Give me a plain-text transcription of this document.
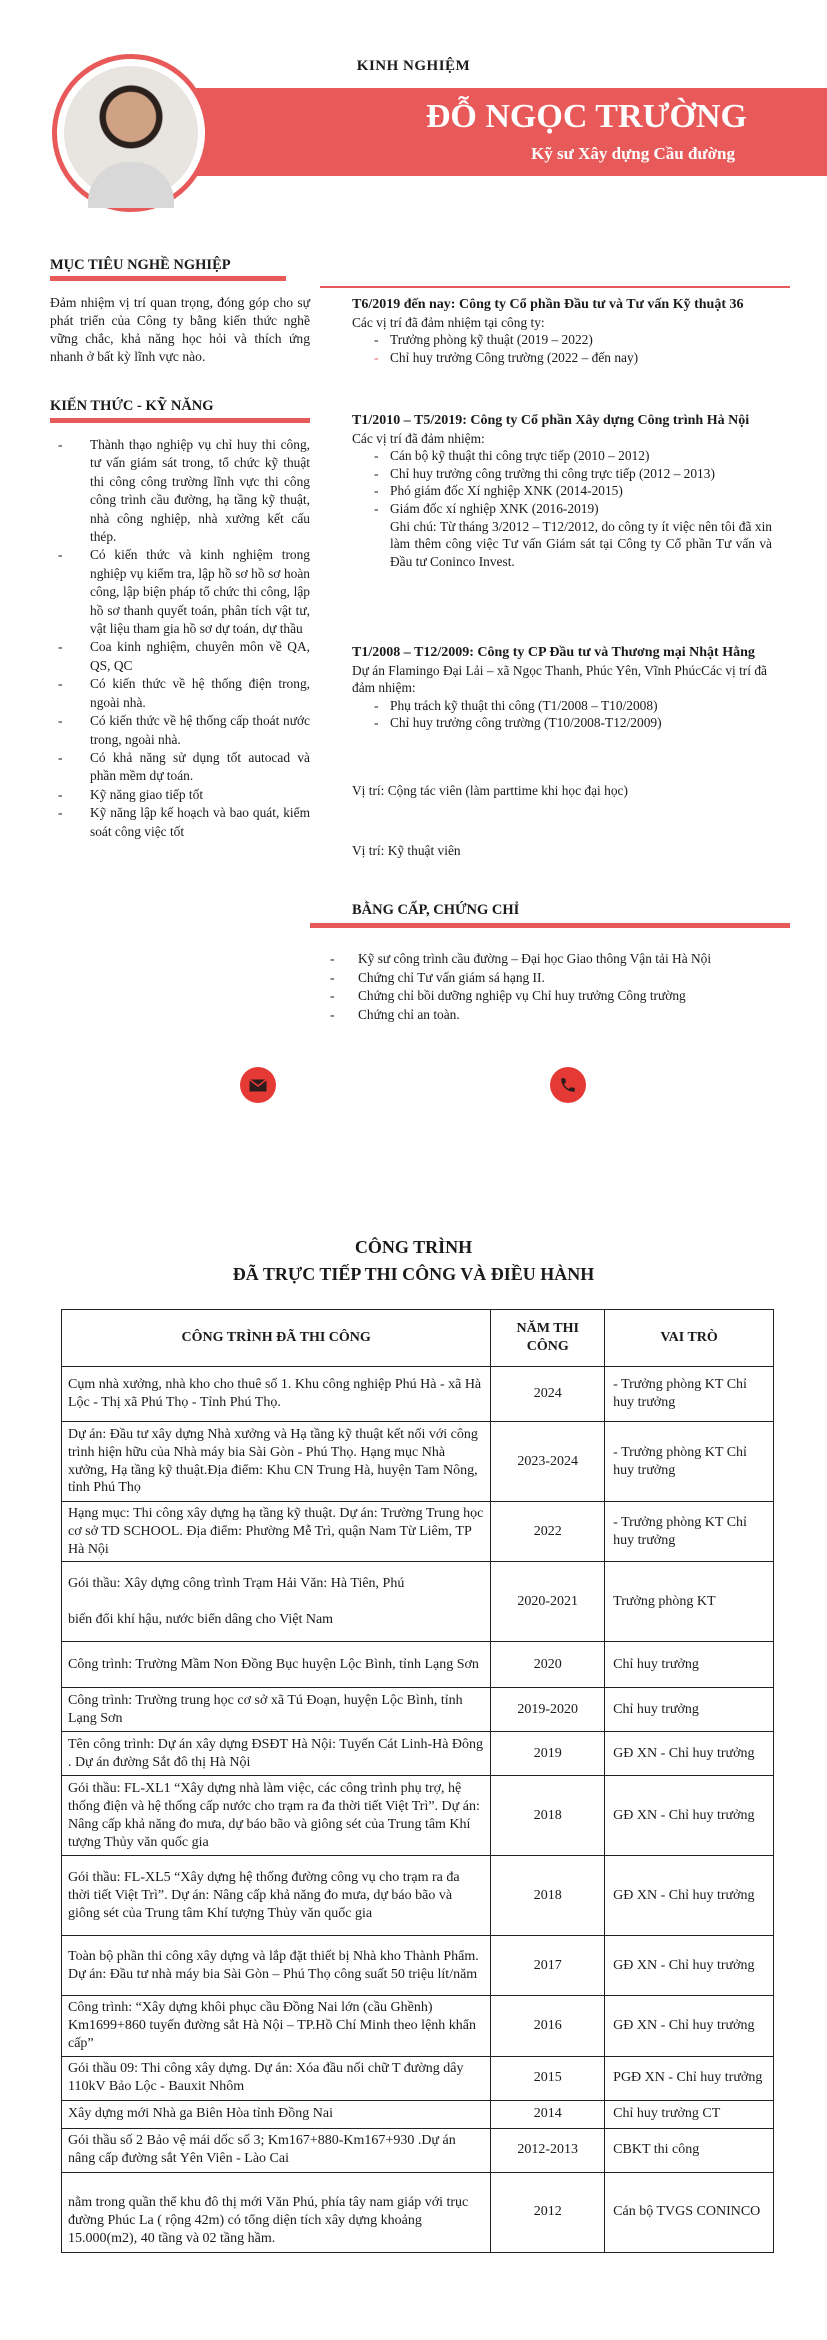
KINH NGHIỆM
ĐỖ NGỌC TRƯỜNG
Kỹ sư Xây dựng Cầu đường
MỤC TIÊU NGHỀ NGHIỆP
Đảm nhiệm vị trí quan trọng, đóng góp cho sự phát triển của Công ty bằng kiến thức nghề vững chắc, khả năng học hỏi và thích ứng nhanh ở bất kỳ lĩnh vực nào.
KIẾN THỨC - KỸ NĂNG
- Thành thạo nghiệp vụ chỉ huy thi công, tư vấn giám sát trong, tổ chức kỹ thuật thi công công trường lĩnh vực thi công công trình cầu đường, hạ tầng kỹ thuật, nhà công nghiệp, nhà xưởng kết cấu thép.
- Có kiến thức và kinh nghiệm trong nghiệp vụ kiểm tra, lập hồ sơ hồ sơ hoàn công, lập biện pháp tổ chức thi công, lập hồ sơ thanh quyết toán, phân tích vật tư, vật liệu tham gia hồ sơ dự toán, dự thầu
- Coa kinh nghiệm, chuyên môn về QA, QS, QC
- Có kiến thức về hệ thống điện trong, ngoài nhà.
- Có kiến thức về hệ thống cấp thoát nước trong, ngoài nhà.
- Có khả năng sử dụng tốt autocad và phần mềm dự toán.
- Kỹ năng giao tiếp tốt
- Kỹ năng lập kế hoạch và bao quát, kiểm soát công việc tốt
T6/2019 đến nay: Công ty Cổ phần Đầu tư và Tư vấn Kỹ thuật 36
Các vị trí đã đảm nhiệm tại công ty:
- Trưởng phòng kỹ thuật (2019 – 2022)
- Chỉ huy trưởng Công trường (2022 – đến nay)
T1/2010 – T5/2019: Công ty Cổ phần Xây dựng Công trình Hà Nội
Các vị trí đã đảm nhiệm:
- Cán bộ kỹ thuật thi công trực tiếp (2010 – 2012)
- Chỉ huy trưởng công trường thi công trực tiếp (2012 – 2013)
- Phó giám đốc Xí nghiệp XNK (2014-2015)
- Giám đốc xí nghiệp XNK (2016-2019)
Ghi chú: Từ tháng 3/2012 – T12/2012, do công ty ít việc nên tôi đã xin làm thêm công việc Tư vấn Giám sát tại Công ty Cổ phần Tư vấn và Đầu tư Coninco Invest.
T1/2008 – T12/2009: Công ty CP Đầu tư và Thương mại Nhật Hằng
Dự án Flamingo Đại Lải – xã Ngọc Thanh, Phúc Yên, Vĩnh PhúcCác vị trí đã đảm nhiệm:
- Phụ trách kỹ thuật thi công (T1/2008 – T10/2008)
- Chỉ huy trưởng công trường (T10/2008-T12/2009)
Vị trí: Cộng tác viên (làm parttime khi học đại học)
Vị trí: Kỹ thuật viên
BẰNG CẤP, CHỨNG CHỈ
- Kỹ sư công trình cầu đường – Đại học Giao thông Vận tải Hà Nội
- Chứng chỉ Tư vấn giám sá hạng II.
- Chứng chỉ bồi dưỡng nghiệp vụ Chỉ huy trưởng Công trường
- Chứng chỉ an toàn.
CÔNG TRÌNH
ĐÃ TRỰC TIẾP THI CÔNG VÀ ĐIỀU HÀNH
CÔNG TRÌNH ĐÃ THI CÔNG	NĂM THI CÔNG	VAI TRÒ
Cụm nhà xưởng, nhà kho cho thuê số 1. Khu công nghiệp Phú Hà - xã Hà Lộc - Thị xã Phú Thọ - Tỉnh Phú Thọ.	2024	- Trưởng phòng KT Chỉ huy trưởng
Dự án: Đầu tư xây dựng Nhà xưởng và Hạ tầng kỹ thuật kết nối với công trình hiện hữu của Nhà máy bia Sài Gòn - Phú Thọ. Hạng mục Nhà xưởng, Hạ tầng kỹ thuật.Địa điểm: Khu CN Trung Hà, huyện Tam Nông, tỉnh Phú Thọ	2023-2024	- Trưởng phòng KT Chỉ huy trưởng
Hạng mục: Thi công xây dựng hạ tầng kỹ thuật. Dự án: Trường Trung học cơ sở TD SCHOOL. Địa điểm: Phường Mễ Trì, quận Nam Từ Liêm, TP Hà Nội	2022	- Trưởng phòng KT Chỉ huy trưởng
Gói thầu: Xây dựng công trình Trạm Hải Văn: Hà Tiên, Phú

biến đổi khí hậu, nước biển dâng cho Việt Nam	2020-2021	Trưởng phòng KT
Công trình: Trường Mầm Non Đồng Bục huyện Lộc Bình, tỉnh Lạng Sơn	2020	Chỉ huy trưởng
Công trình: Trường trung học cơ sở xã Tú Đoạn, huyện Lộc Bình, tỉnh Lạng Sơn	2019-2020	Chỉ huy trưởng
Tên công trình: Dự án xây dựng ĐSĐT Hà Nội: Tuyến Cát Linh-Hà Đông . Dự án đường Sắt đô thị Hà Nội	2019	GĐ XN - Chỉ huy trưởng
Gói thầu: FL-XL1 “Xây dựng nhà làm việc, các công trình phụ trợ, hệ thống điện và hệ thống cấp nước cho trạm ra đa thời tiết Việt Trì”. Dự án: Nâng cấp khả năng đo mưa, dự báo bão và giông sét của Trung tâm Khí tượng Thủy văn quốc gia	2018	GĐ XN - Chỉ huy trưởng
Gói thầu: FL-XL5 “Xây dựng hệ thống đường công vụ cho trạm ra đa thời tiết Việt Trì”. Dự án: Nâng cấp khả năng đo mưa, dự báo bão và giông sét của Trung tâm Khí tượng Thủy văn quốc gia	2018	GĐ XN - Chỉ huy trưởng
Toàn bộ phần thi công xây dựng và lắp đặt thiết bị Nhà kho Thành Phẩm. Dự án: Đầu tư nhà máy bia Sài Gòn – Phú Thọ công suất 50 triệu lít/năm	2017	GĐ XN - Chỉ huy trưởng
Công trình: “Xây dựng khôi phục cầu Đồng Nai lớn (cầu Ghềnh) Km1699+860 tuyến đường sắt Hà Nội – TP.Hồ Chí Minh theo lệnh khẩn cấp”	2016	GĐ XN - Chỉ huy trưởng
Gói thầu 09: Thi công xây dựng. Dự án: Xóa đầu nối chữ T đường dây 110kV Bảo Lộc - Bauxit Nhôm	2015	PGĐ XN - Chỉ huy trưởng
Xây dựng mới Nhà ga Biên Hòa tỉnh Đồng Nai	2014	Chỉ huy trưởng CT
Gói thầu số 2 Bảo vệ mái dốc số 3; Km167+880-Km167+930 .Dự án nâng cấp đường sắt Yên Viên - Lào Cai	2012-2013	CBKT thi công

nằm trong quần thể khu đô thị mới Văn Phú, phía tây nam giáp với trục đường Phúc La ( rộng 42m) có tổng diện tích xây dựng khoảng 15.000(m2), 40 tầng và 02 tầng hầm.	2012	Cán bộ TVGS CONINCO
